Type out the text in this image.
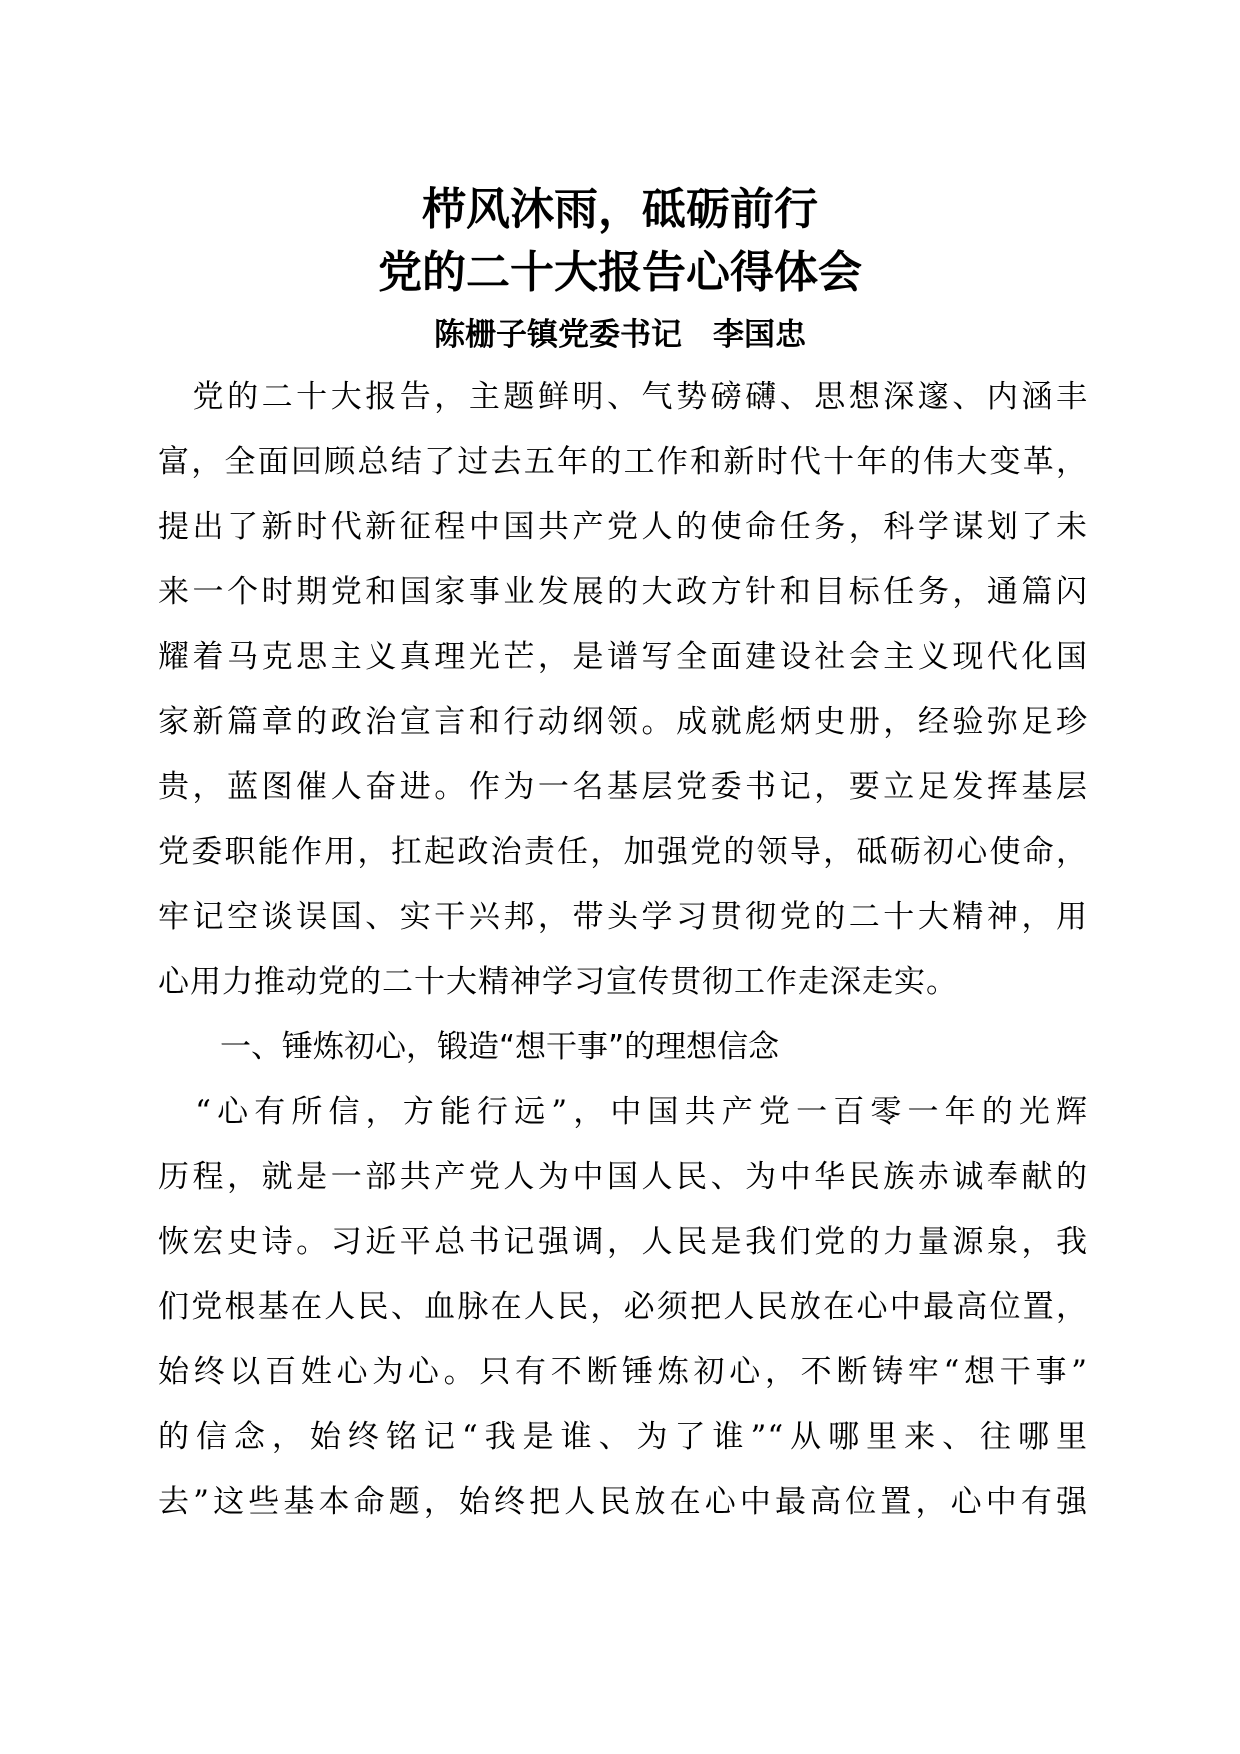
栉风沐雨，砥砺前行
党的二十大报告心得体会
陈栅子镇党委书记　李国忠
　党的二十大报告，主题鲜明、气势磅礴、思想深邃、内涵丰
富，全面回顾总结了过去五年的工作和新时代十年的伟大变革，
提出了新时代新征程中国共产党人的使命任务，科学谋划了未
来一个时期党和国家事业发展的大政方针和目标任务，通篇闪
耀着马克思主义真理光芒，是谱写全面建设社会主义现代化国
家新篇章的政治宣言和行动纲领。成就彪炳史册，经验弥足珍
贵，蓝图催人奋进。作为一名基层党委书记，要立足发挥基层
党委职能作用，扛起政治责任，加强党的领导，砥砺初心使命，
牢记空谈误国、实干兴邦，带头学习贯彻党的二十大精神，用
心用力推动党的二十大精神学习宣传贯彻工作走深走实。
一、锤炼初心，锻造“想干事”的理想信念
　“心有所信，方能行远”，中国共产党一百零一年的光辉
历程，就是一部共产党人为中国人民、为中华民族赤诚奉献的
恢宏史诗。习近平总书记强调，人民是我们党的力量源泉，我
们党根基在人民、血脉在人民，必须把人民放在心中最高位置，
始终以百姓心为心。只有不断锤炼初心，不断铸牢“想干事”
的信念，始终铭记“我是谁、为了谁”“从哪里来、往哪里
去”这些基本命题，始终把人民放在心中最高位置，心中有强
